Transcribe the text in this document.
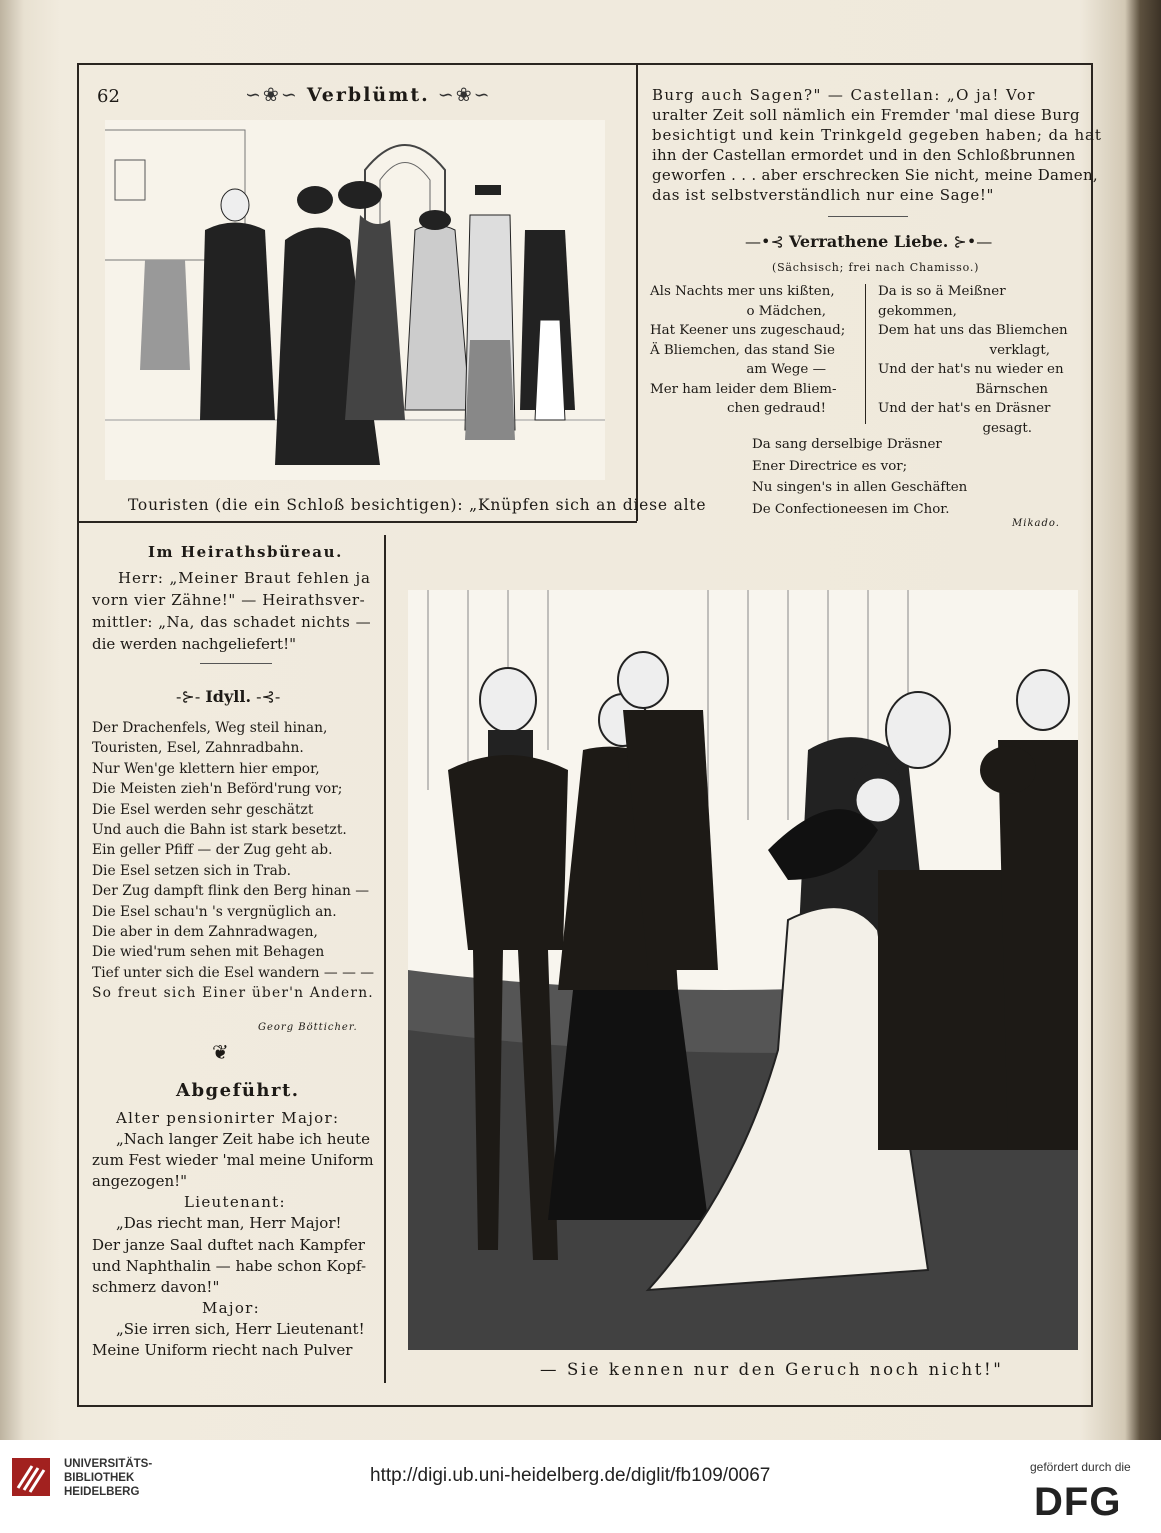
62	∽❀∽ Verblümt. ∽❀∽
Touristen (die ein Schloß besichtigen): „Knüpfen sich an diese alte
Burg auch Sagen?" — Castellan: „O ja! Vor
uralter Zeit soll nämlich ein Fremder 'mal diese Burg
besichtigt und kein Trinkgeld gegeben haben; da hat
ihn der Castellan ermordet und in den Schloßbrunnen
geworfen . . . aber erschrecken Sie nicht, meine Damen,
das ist selbstverständlich nur eine Sage!"
—•⊰ Verrathene Liebe. ⊱•—
(Sächsisch; frei nach Chamisso.)
Als Nachts mer uns kißten,
o Mädchen,
Hat Keener uns zugeschaud;
Ä Bliemchen, das stand Sie
am Wege —
Mer ham leider dem Bliem-
chen gedraud!
Da is so ä Meißner gekommen,
Dem hat uns das Bliemchen
verklagt,
Und der hat's nu wieder en
Bärnschen
Und der hat's en Dräsner
gesagt.
Da sang derselbige Dräsner
Ener Directrice es vor;
Nu singen's in allen Geschäften
De Confectioneesen im Chor.
Mikado.
Im Heirathsbüreau.
Herr: „Meiner Braut fehlen ja
vorn vier Zähne!" — Heirathsver-
mittler: „Na, das schadet nichts —
die werden nachgeliefert!"
-⊱- Idyll. -⊰-
Der Drachenfels, Weg steil hinan,
Touristen, Esel, Zahnradbahn.
Nur Wen'ge klettern hier empor,
Die Meisten zieh'n Beförd'rung vor;
Die Esel werden sehr geschätzt
Und auch die Bahn ist stark besetzt.
Ein geller Pfiff — der Zug geht ab.
Die Esel setzen sich in Trab.
Der Zug dampft flink den Berg hinan —
Die Esel schau'n 's vergnüglich an.
Die aber in dem Zahnradwagen,
Die wied'rum sehen mit Behagen
Tief unter sich die Esel wandern — — —
So freut sich Einer über'n Andern.
Georg Bötticher.
❦
Abgeführt.
Alter pensionirter Major:
„Nach langer Zeit habe ich heute
zum Fest wieder 'mal meine Uniform
angezogen!"
Lieutenant:
„Das riecht man, Herr Major!
Der janze Saal duftet nach Kampfer
und Naphthalin — habe schon Kopf-
schmerz davon!"
Major:
„Sie irren sich, Herr Lieutenant!
Meine Uniform riecht nach Pulver
— Sie kennen nur den Geruch noch nicht!"
UNIVERSITÄTS-
BIBLIOTHEK
HEIDELBERG
http://digi.ub.uni-heidelberg.de/diglit/fb109/0067	gefördert durch die
DFG
